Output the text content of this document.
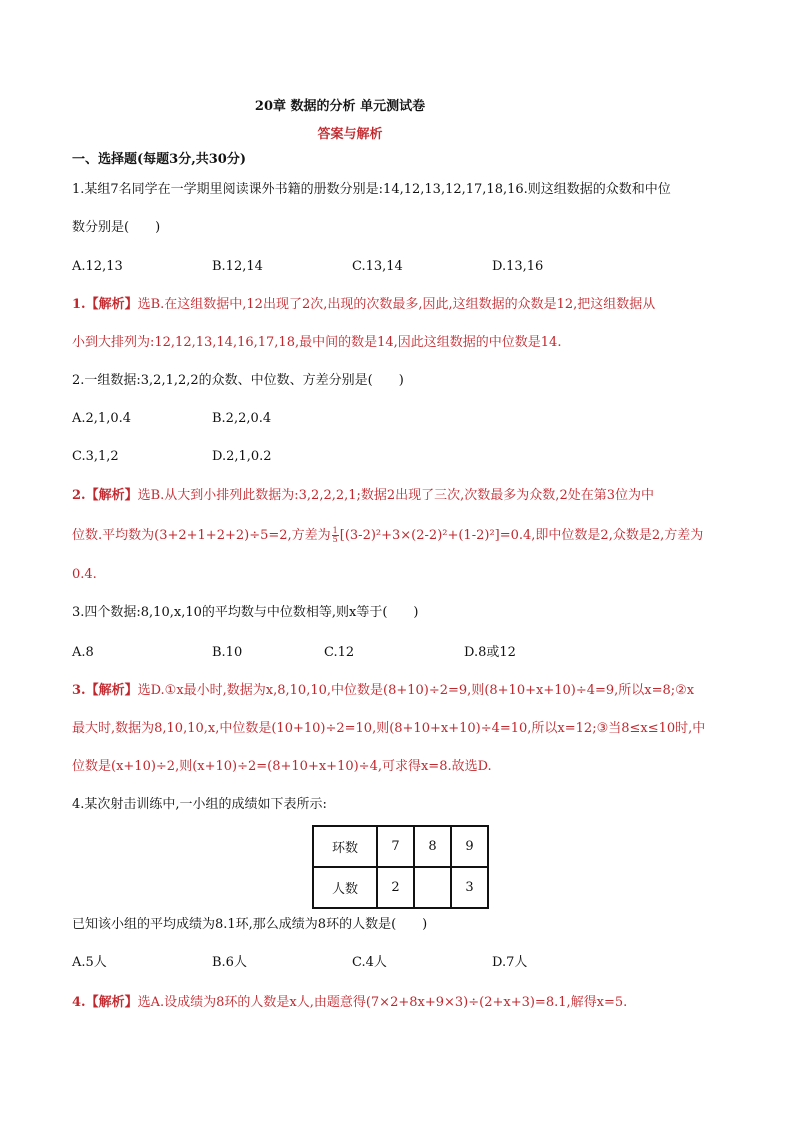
20章 数据的分析 单元测试卷
答案与解析
一、选择题(每题3分,共30分)
1.某组7名同学在一学期里阅读课外书籍的册数分别是:14,12,13,12,17,18,16.则这组数据的众数和中位
数分别是(　　)
A.12,13	B.12,14	C.13,14	D.13,16
1.【解析】选B.在这组数据中,12出现了2次,出现的次数最多,因此,这组数据的众数是12,把这组数据从
小到大排列为:12,12,13,14,16,17,18,最中间的数是14,因此这组数据的中位数是14.
2.一组数据:3,2,1,2,2的众数、中位数、方差分别是(　　)
A.2,1,0.4	B.2,2,0.4
C.3,1,2	D.2,1,0.2
2.【解析】选B.从大到小排列此数据为:3,2,2,2,1;数据2出现了三次,次数最多为众数,2处在第3位为中
位数.平均数为(3+2+1+2+2)÷5=2,方差为 $\frac{1}{5} [(3-2)^2+3\times(2-2)^2+(1-2)^2]=0.4$,即中位数是2,众数是2,方差为
0.4.
3.四个数据:8,10,x,10的平均数与中位数相等,则x等于(　　)
A.8	B.10	C.12	D.8或12
3.【解析】选D.①x最小时,数据为x,8,10,10,中位数是(8+10)÷2=9,则(8+10+x+10)÷4=9,所以x=8;②x
最大时,数据为8,10,10,x,中位数是(10+10)÷2=10,则(8+10+x+10)÷4=10,所以x=12;③当8≤x≤10时,中
位数是(x+10)÷2,则(x+10)÷2=(8+10+x+10)÷4,可求得x=8.故选D.
4.某次射击训练中,一小组的成绩如下表所示:
环数	7	8	9
人数	2		3
已知该小组的平均成绩为8.1环,那么成绩为8环的人数是(　　)
A.5人	B.6人	C.4人	D.7人
4.【解析】选A.设成绩为8环的人数是x人,由题意得(7×2+8x+9×3)÷(2+x+3)=8.1,解得x=5.
